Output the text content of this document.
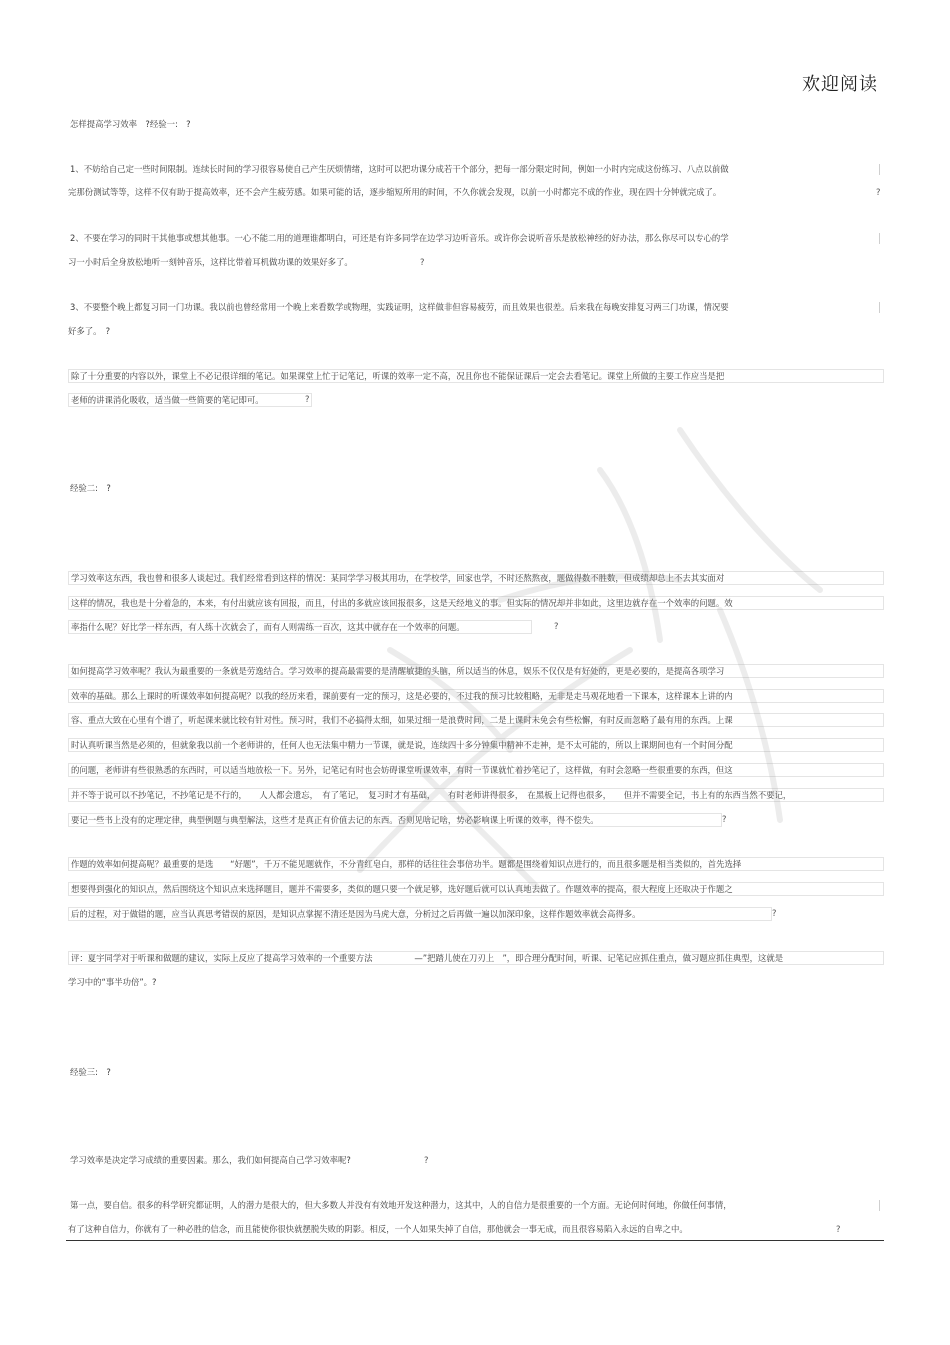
欢迎阅读
怎样提高学习效率　?经验一:　?
1、不妨给自己定一些时间限制。连续长时间的学习很容易使自己产生厌烦情绪，这时可以把功课分成若干个部分，把每一部分限定时间，例如一小时内完成这份练习、八点以前做
完那份测试等等，这样不仅有助于提高效率，还不会产生疲劳感。如果可能的话，逐步缩短所用的时间，不久你就会发现，以前一小时都完不成的作业，现在四十分钟就完成了。	?
2、不要在学习的同时干其他事或想其他事。一心不能二用的道理谁都明白，可还是有许多同学在边学习边听音乐。或许你会说听音乐是放松神经的好办法，那么你尽可以专心的学
习一小时后全身放松地听一刻钟音乐，这样比带着耳机做功课的效果好多了。	?
3、不要整个晚上都复习同一门功课。我以前也曾经常用一个晚上来看数学或物理，实践证明，这样做非但容易疲劳，而且效果也很差。后来我在每晚安排复习两三门功课，情况要
好多了。　?
除了十分重要的内容以外，课堂上不必记很详细的笔记。如果课堂上忙于记笔记，听课的效率一定不高，况且你也不能保证课后一定会去看笔记。课堂上所做的主要工作应当是把
老师的讲课消化吸收，适当做一些简要的笔记即可。	?
经验二:　?
学习效率这东西，我也曾和很多人谈起过。我们经常看到这样的情况：某同学学习极其用功，在学校学，回家也学，不时还熬熬夜，题做得数不胜数，但成绩却总上不去其实面对
这样的情况，我也是十分着急的，本来，有付出就应该有回报，而且，付出的多就应该回报很多，这是天经地义的事。但实际的情况却并非如此，这里边就存在一个效率的问题。效
率指什么呢？好比学一样东西，有人练十次就会了，而有人则需练一百次，这其中就存在一个效率的问题。	?
如何提高学习效率呢？我认为最重要的一条就是劳逸结合。学习效率的提高最需要的是清醒敏捷的头脑，所以适当的休息，娱乐不仅仅是有好处的，更是必要的，是提高各项学习
效率的基础。那么上课时的听课效率如何提高呢？以我的经历来看，课前要有一定的预习，这是必要的，不过我的预习比较粗略，无非是走马观花地看一下课本，这样课本上讲的内
容、重点大致在心里有个谱了，听起课来就比较有针对性。预习时，我们不必搞得太细，如果过细一是浪费时间，二是上课时未免会有些松懈，有时反而忽略了最有用的东西。上课
时认真听课当然是必须的，但就象我以前一个老师讲的，任何人也无法集中精力一节课，就是说，连续四十多分钟集中精神不走神，是不太可能的，所以上课期间也有一个时间分配
的问题，老师讲有些很熟悉的东西时，可以适当地放松一下。另外，记笔记有时也会妨碍课堂听课效率，有时一节课就忙着抄笔记了，这样做，有时会忽略一些很重要的东西，但这
并不等于说可以不抄笔记，不抄笔记是不行的，　　人人都会遗忘，　有了笔记，　复习时才有基础，　　有时老师讲得很多，　在黑板上记得也很多，　　但并不需要全记，书上有的东西当然不要记，
要记一些书上没有的定理定律，典型例题与典型解法，这些才是真正有价值去记的东西。否则见啥记啥，势必影响课上听课的效率，得不偿失。	?
作题的效率如何提高呢？最重要的是选　　“好题”，千万不能见题就作，不分青红皂白，那样的话往往会事倍功半。题都是围绕着知识点进行的，而且很多题是相当类似的，首先选择
想要得到强化的知识点，然后围绕这个知识点来选择题目，题并不需要多，类似的题只要一个就足够，选好题后就可以认真地去做了。作题效率的提高，很大程度上还取决于作题之
后的过程，对于做错的题，应当认真思考错误的原因，是知识点掌握不清还是因为马虎大意，分析过之后再做一遍以加深印象，这样作题效率就会高得多。	?
评：夏宇同学对于听课和做题的建议，实际上反应了提高学习效率的一个重要方法　　　　　—”把踏儿使在刀刃上　”，即合理分配时间，听课、记笔记应抓住重点，做习题应抓住典型，这就是
学习中的“事半功倍”。?
经验三:　?
学习效率是决定学习成绩的重要因素。那么，我们如何提高自己学习效率呢?	?
第一点，要自信。很多的科学研究都证明，人的潜力是很大的，但大多数人并没有有效地开发这种潜力，这其中，人的自信力是很重要的一个方面。无论何时何地，你做任何事情，
有了这种自信力，你就有了一种必胜的信念，而且能使你很快就摆脱失败的阴影。相反，一个人如果失掉了自信，那他就会一事无成，而且很容易陷入永远的自卑之中。	?
